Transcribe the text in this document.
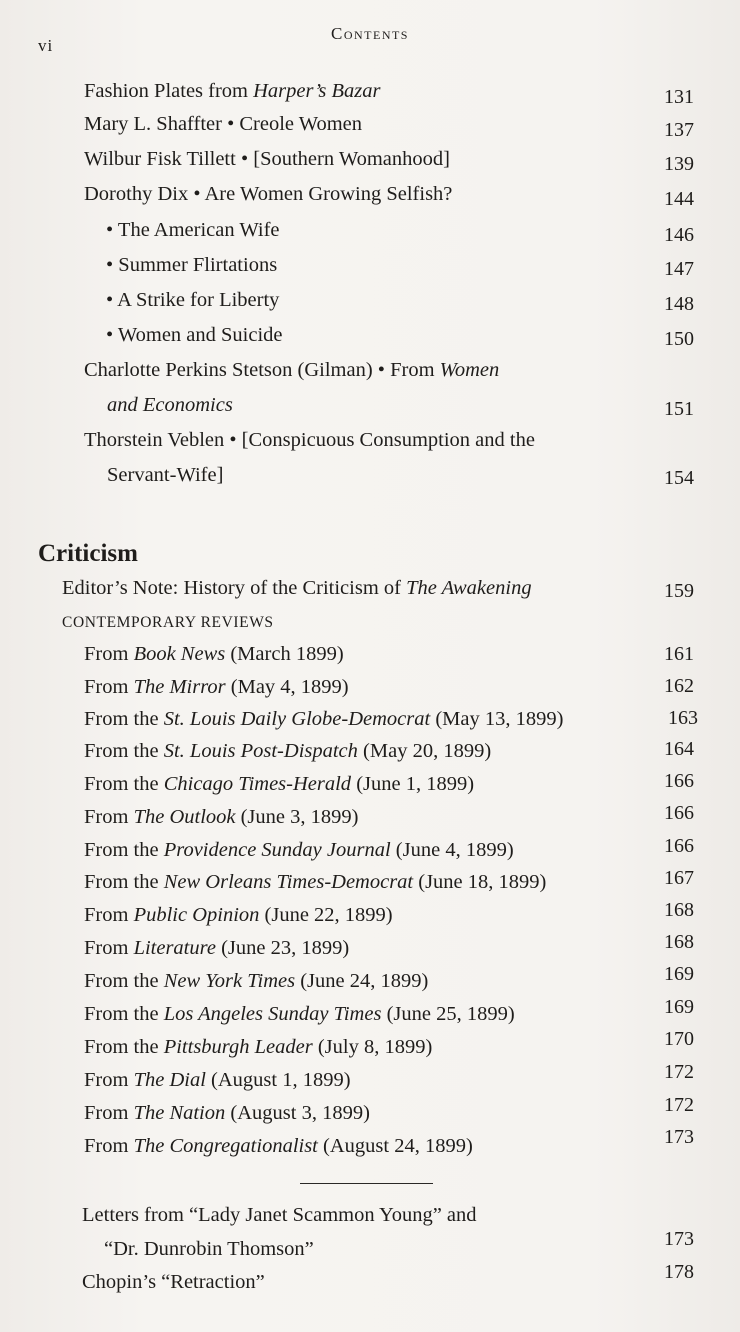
vi
Contents
Fashion Plates from Harper’s Bazar	131
Mary L. Shaffter • Creole Women	137
Wilbur Fisk Tillett • [Southern Womanhood]	139
Dorothy Dix • Are Women Growing Selfish?	144
• The American Wife	146
• Summer Flirtations	147
• A Strike for Liberty	148
• Women and Suicide	150
Charlotte Perkins Stetson (Gilman) • From Women
and Economics	151
Thorstein Veblen • [Conspicuous Consumption and the
Servant-Wife]	154
Criticism
Editor’s Note: History of the Criticism of The Awakening	159
CONTEMPORARY REVIEWS
From Book News (March 1899)	161
From The Mirror (May 4, 1899)	162
From the St. Louis Daily Globe-Democrat (May 13, 1899)	163
From the St. Louis Post-Dispatch (May 20, 1899)	164
From the Chicago Times-Herald (June 1, 1899)	166
From The Outlook (June 3, 1899)	166
From the Providence Sunday Journal (June 4, 1899)	166
From the New Orleans Times-Democrat (June 18, 1899)	167
From Public Opinion (June 22, 1899)	168
From Literature (June 23, 1899)	168
From the New York Times (June 24, 1899)	169
From the Los Angeles Sunday Times (June 25, 1899)	169
From the Pittsburgh Leader (July 8, 1899)	170
From The Dial (August 1, 1899)	172
From The Nation (August 3, 1899)	172
From The Congregationalist (August 24, 1899)	173
Letters from “Lady Janet Scammon Young” and
“Dr. Dunrobin Thomson”	173
Chopin’s “Retraction”	178
